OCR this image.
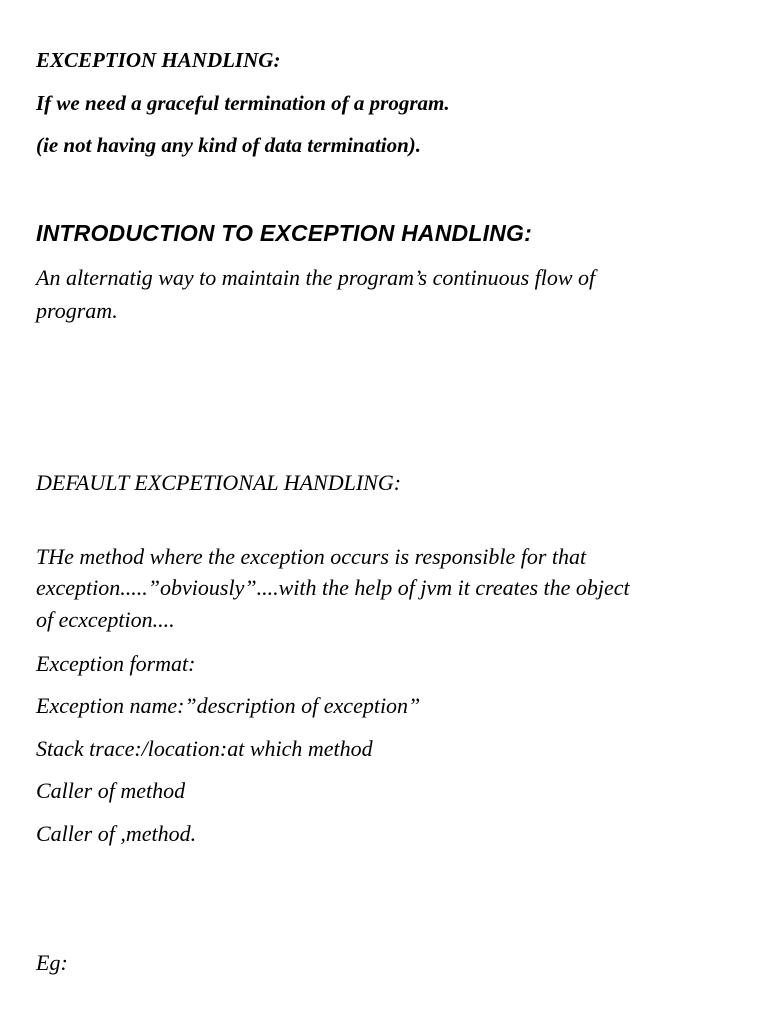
EXCEPTION HANDLING:

If we need a graceful termination of a program.

(ie not having any kind of data termination).

INTRODUCTION TO EXCEPTION HANDLING:

An alternatig way to maintain the program’s continuous flow of

program.

DEFAULT EXCPETIONAL HANDLING:

THe method where the exception occurs is responsible for that

exception.....”obviously”....with the help of jvm it creates the object

of ecxception....

Exception format:

Exception name:”description of exception”

Stack trace:/location:at which method

Caller of method

Caller of ,method.

Eg:
